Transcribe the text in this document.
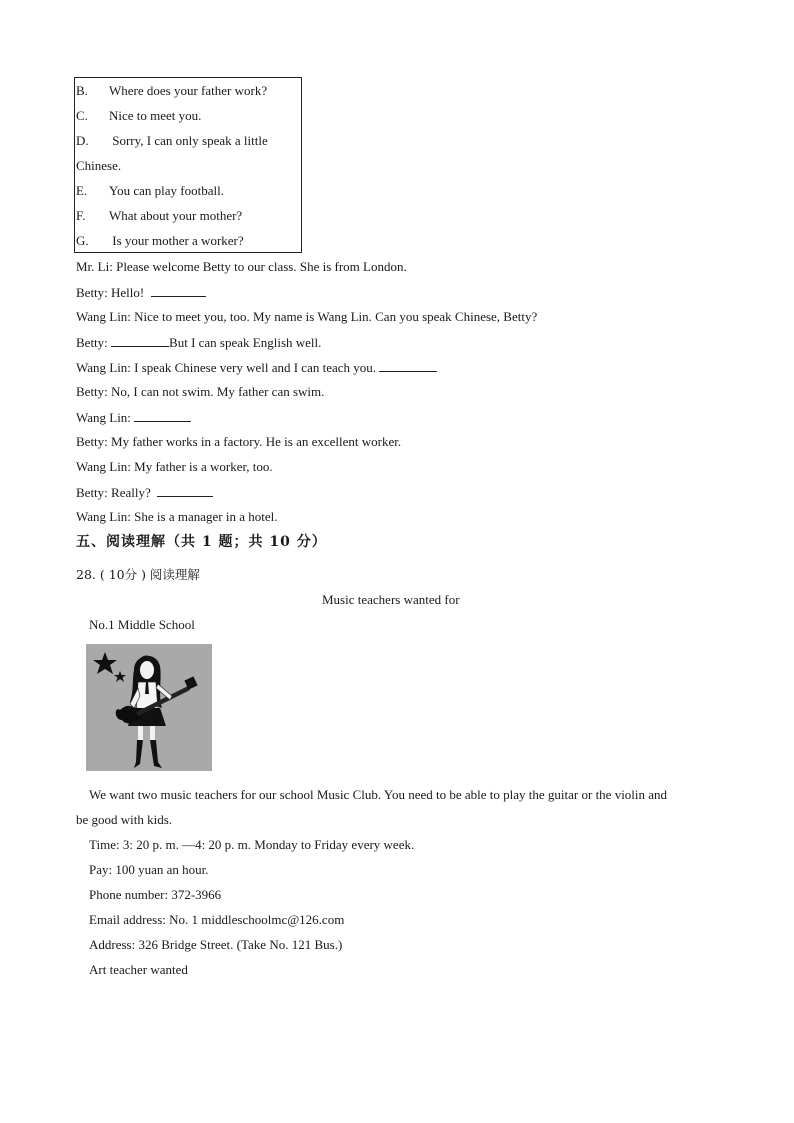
B. Where does your father work?
C. Nice to meet you.
D. Sorry, I can only speak a little
Chinese.
E. You can play football.
F. What about your mother?
G. Is your mother a worker?
Mr. Li: Please welcome Betty to our class. She is from London.
Betty: Hello!
Wang Lin: Nice to meet you, too. My name is Wang Lin. Can you speak Chinese, Betty?
Betty:	But I can speak English well.
Wang Lin: I speak Chinese very well and I can teach you.
Betty: No, I can not swim. My father can swim.
Wang Lin:
Betty: My father works in a factory. He is an excellent worker.
Wang Lin: My father is a worker, too.
Betty: Really?
Wang Lin: She is a manager in a hotel.
五、阅读理解（共 1 题；共 10 分）
28. ( 10分 ) 阅读理解
Music teachers wanted for
No.1 Middle School
We want two music teachers for our school Music Club. You need to be able to play the guitar or the violin and
be good with kids.
Time: 3: 20 p. m. —4: 20 p. m. Monday to Friday every week.
Pay: 100 yuan an hour.
Phone number: 372-3966
Email address: No. 1 middleschoolmc@126.com
Address: 326 Bridge Street. (Take No. 121 Bus.)
Art teacher wanted
